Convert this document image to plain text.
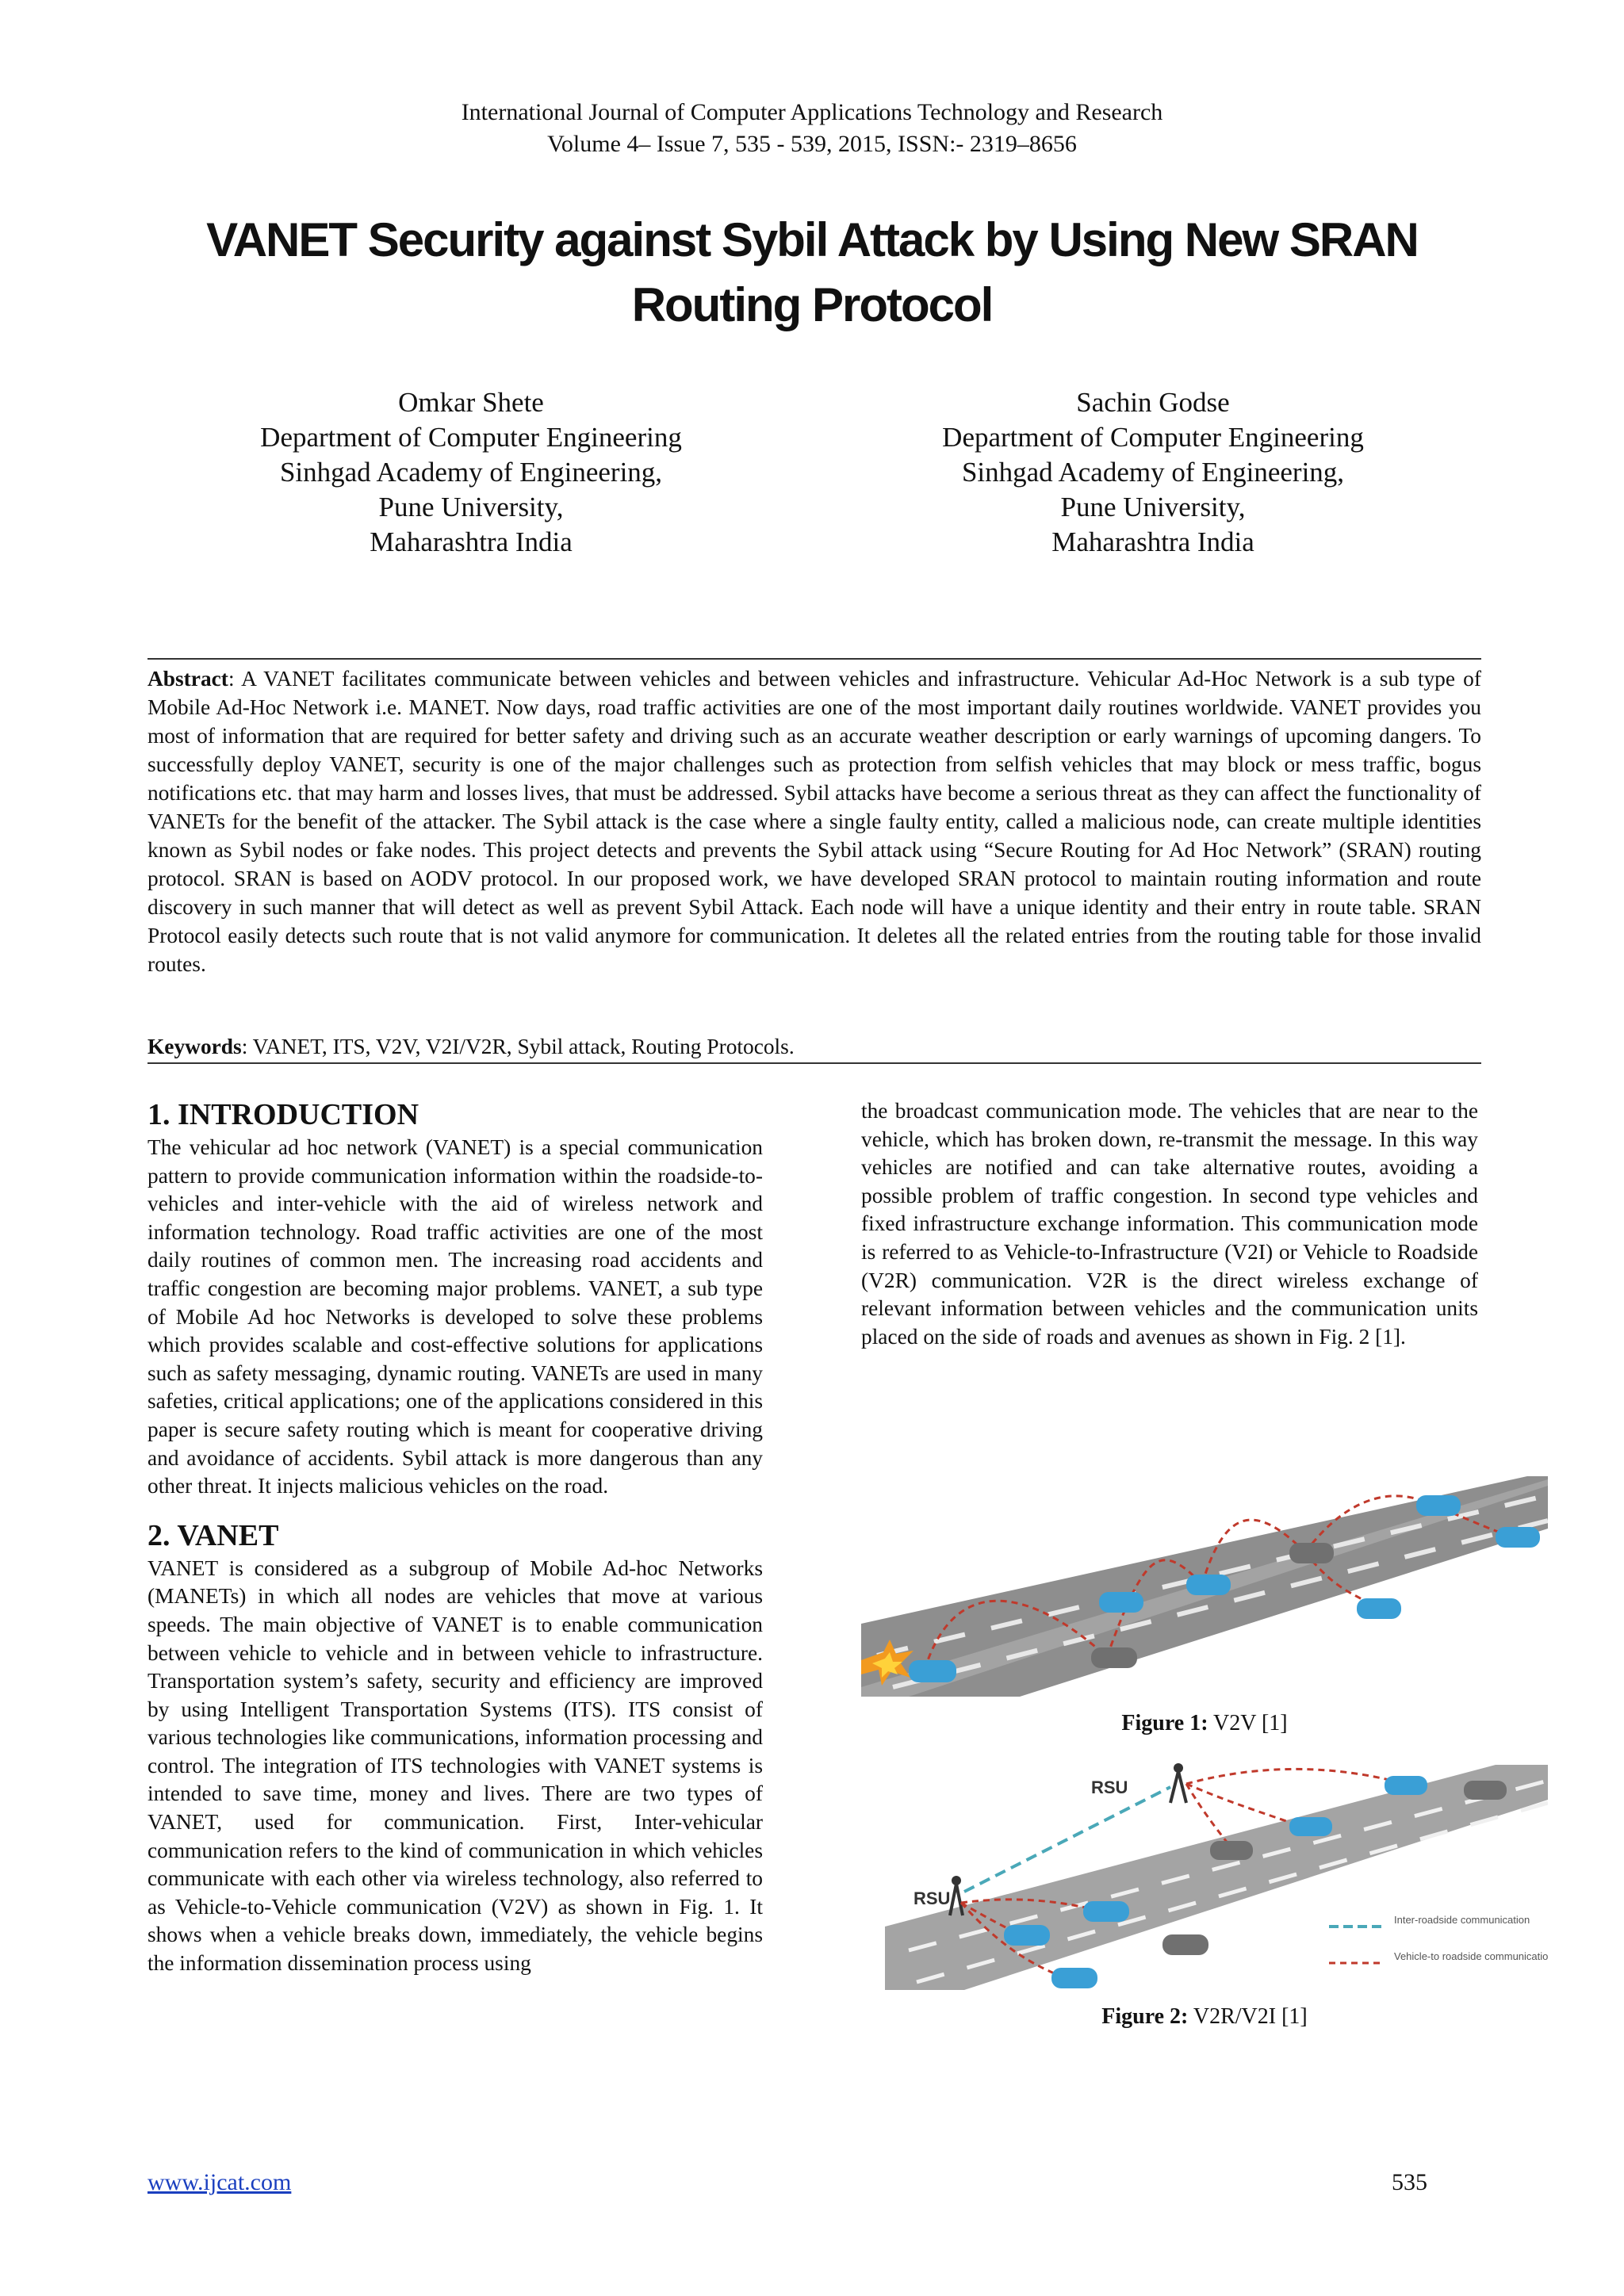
International Journal of Computer Applications Technology and Research
Volume 4– Issue 7, 535 - 539, 2015, ISSN:- 2319–8656
VANET Security against Sybil Attack by Using New SRAN
Routing Protocol
Omkar Shete
Department of Computer Engineering
Sinhgad Academy of Engineering,
Pune University,
Maharashtra India
Sachin Godse
Department of Computer Engineering
Sinhgad Academy of Engineering,
Pune University,
Maharashtra India
Abstract: A VANET facilitates communicate between vehicles and between vehicles and infrastructure. Vehicular Ad-Hoc Network is a sub type of Mobile Ad-Hoc Network i.e. MANET. Now days, road traffic activities are one of the most important daily routines worldwide. VANET provides you most of information that are required for better safety and driving such as an accurate weather description or early warnings of upcoming dangers. To successfully deploy VANET, security is one of the major challenges such as protection from selfish vehicles that may block or mess traffic, bogus notifications etc. that may harm and losses lives, that must be addressed. Sybil attacks have become a serious threat as they can affect the functionality of VANETs for the benefit of the attacker. The Sybil attack is the case where a single faulty entity, called a malicious node, can create multiple identities known as Sybil nodes or fake nodes. This project detects and prevents the Sybil attack using “Secure Routing for Ad Hoc Network” (SRAN) routing protocol. SRAN is based on AODV protocol. In our proposed work, we have developed SRAN protocol to maintain routing information and route discovery in such manner that will detect as well as prevent Sybil Attack. Each node will have a unique identity and their entry in route table. SRAN Protocol easily detects such route that is not valid anymore for communication. It deletes all the related entries from the routing table for those invalid routes.
Keywords: VANET, ITS, V2V, V2I/V2R, Sybil attack, Routing Protocols.
1. INTRODUCTION

The vehicular ad hoc network (VANET) is a special communication pattern to provide communication information within the roadside-to-vehicles and inter-vehicle with the aid of wireless network and information technology. Road traffic activities are one of the most daily routines of common men. The increasing road accidents and traffic congestion are becoming major problems. VANET, a sub type of Mobile Ad hoc Networks is developed to solve these problems which provides scalable and cost-effective solutions for applications such as safety messaging, dynamic routing. VANETs are used in many safeties, critical applications; one of the applications considered in this paper is secure safety routing which is meant for cooperative driving and avoidance of accidents. Sybil attack is more dangerous than any other threat. It injects malicious vehicles on the road.

2. VANET

VANET is considered as a subgroup of Mobile Ad-hoc Networks (MANETs) in which all nodes are vehicles that move at various speeds. The main objective of VANET is to enable communication between vehicle to vehicle and in between vehicle to infrastructure. Transportation system’s safety, security and efficiency are improved by using Intelligent Transportation Systems (ITS). ITS consist of various technologies like communications, information processing and control. The integration of ITS technologies with VANET systems is intended to save time, money and lives. There are two types of VANET, used for communication. First, Inter-vehicular communication refers to the kind of communication in which vehicles communicate with each other via wireless technology, also referred to as Vehicle-to-Vehicle communication (V2V) as shown in Fig. 1. It shows when a vehicle breaks down, immediately, the vehicle begins the information dissemination process using

the broadcast communication mode. The vehicles that are near to the vehicle, which has broken down, re-transmit the message. In this way vehicles are notified and can take alternative routes, avoiding a possible problem of traffic congestion. In second type vehicles and fixed infrastructure exchange information. This communication mode is referred to as Vehicle-to-Infrastructure (V2I) or Vehicle to Roadside (V2R) communication. V2R is the direct wireless exchange of relevant information between vehicles and the communication units placed on the side of roads and avenues as shown in Fig. 2 [1].

Figure 1: V2V [1]
RSU
RSU
Inter-roadside communication
Vehicle-to roadside communication
Figure 2: V2R/V2I [1]
www.ijcat.com	535
